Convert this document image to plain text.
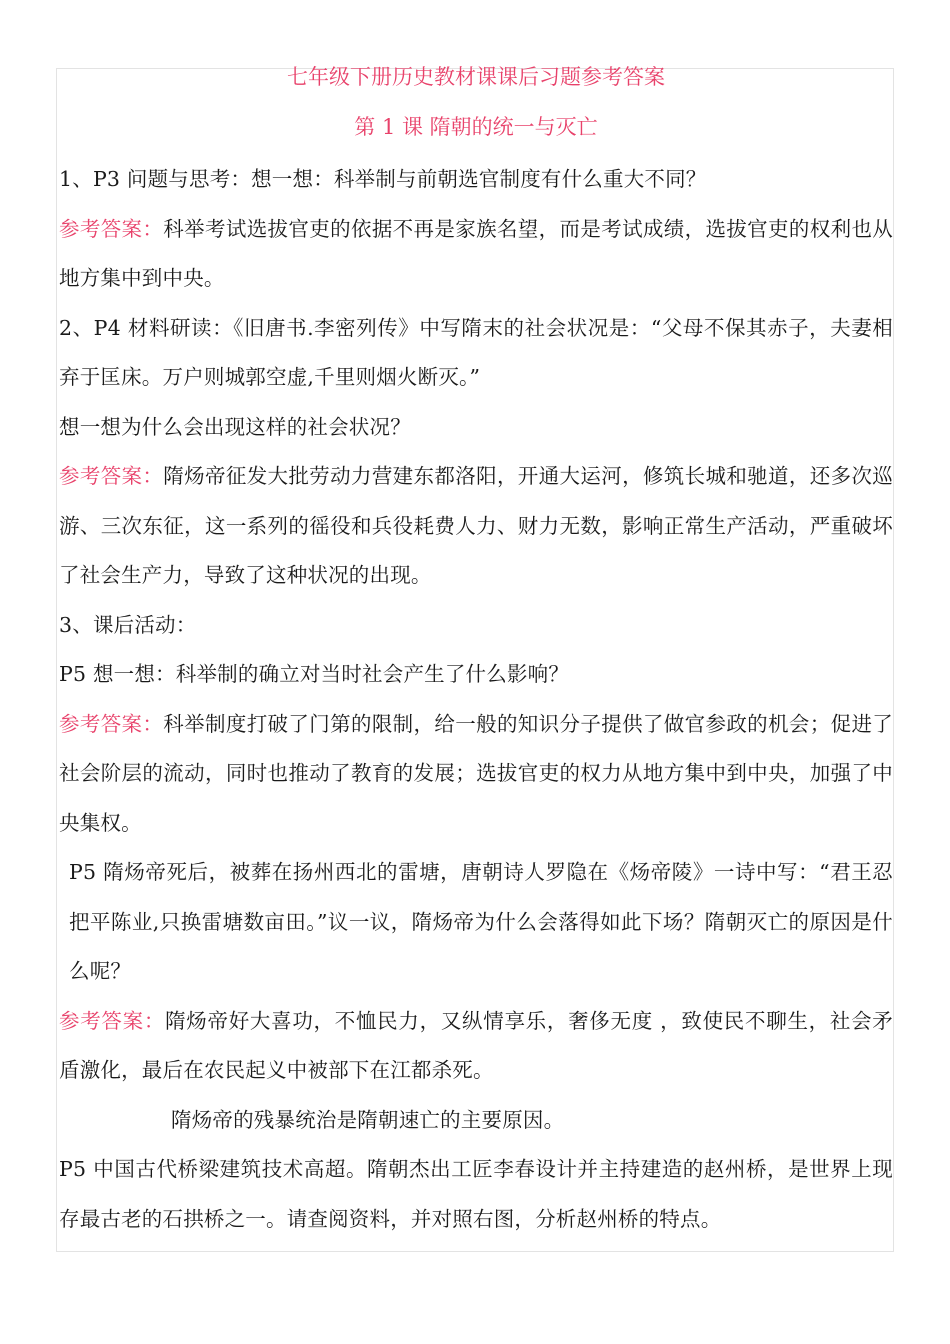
七年级下册历史教材课课后习题参考答案

第 1 课 隋朝的统一与灭亡

1、P3 问题与思考：想一想：科举制与前朝选官制度有什么重大不同？

参考答案：科举考试选拔官吏的依据不再是家族名望，而是考试成绩，选拔官吏的权利也从地方集中到中央。

2、P4 材料研读：《旧唐书.李密列传》中写隋末的社会状况是：“父母不保其赤子，夫妻相弃于匡床。万户则城郭空虚,千里则烟火断灭。”

想一想为什么会出现这样的社会状况？

参考答案：隋炀帝征发大批劳动力营建东都洛阳，开通大运河，修筑长城和驰道，还多次巡游、三次东征，这一系列的徭役和兵役耗费人力、财力无数，影响正常生产活动，严重破坏了社会生产力，导致了这种状况的出现。

3、课后活动：

P5 想一想：科举制的确立对当时社会产生了什么影响？

参考答案：科举制度打破了门第的限制，给一般的知识分子提供了做官参政的机会；促进了社会阶层的流动，同时也推动了教育的发展；选拔官吏的权力从地方集中到中央，加强了中央集权。

P5 隋炀帝死后，被葬在扬州西北的雷塘，唐朝诗人罗隐在《炀帝陵》一诗中写：“君王忍把平陈业,只换雷塘数亩田。”议一议，隋炀帝为什么会落得如此下场？隋朝灭亡的原因是什么呢？

参考答案：隋炀帝好大喜功，不恤民力，又纵情享乐，奢侈无度 ，致使民不聊生，社会矛盾激化，最后在农民起义中被部下在江都杀死。

隋炀帝的残暴统治是隋朝速亡的主要原因。

P5 中国古代桥梁建筑技术高超。隋朝杰出工匠李春设计并主持建造的赵州桥，是世界上现存最古老的石拱桥之一。请查阅资料，并对照右图，分析赵州桥的特点。
